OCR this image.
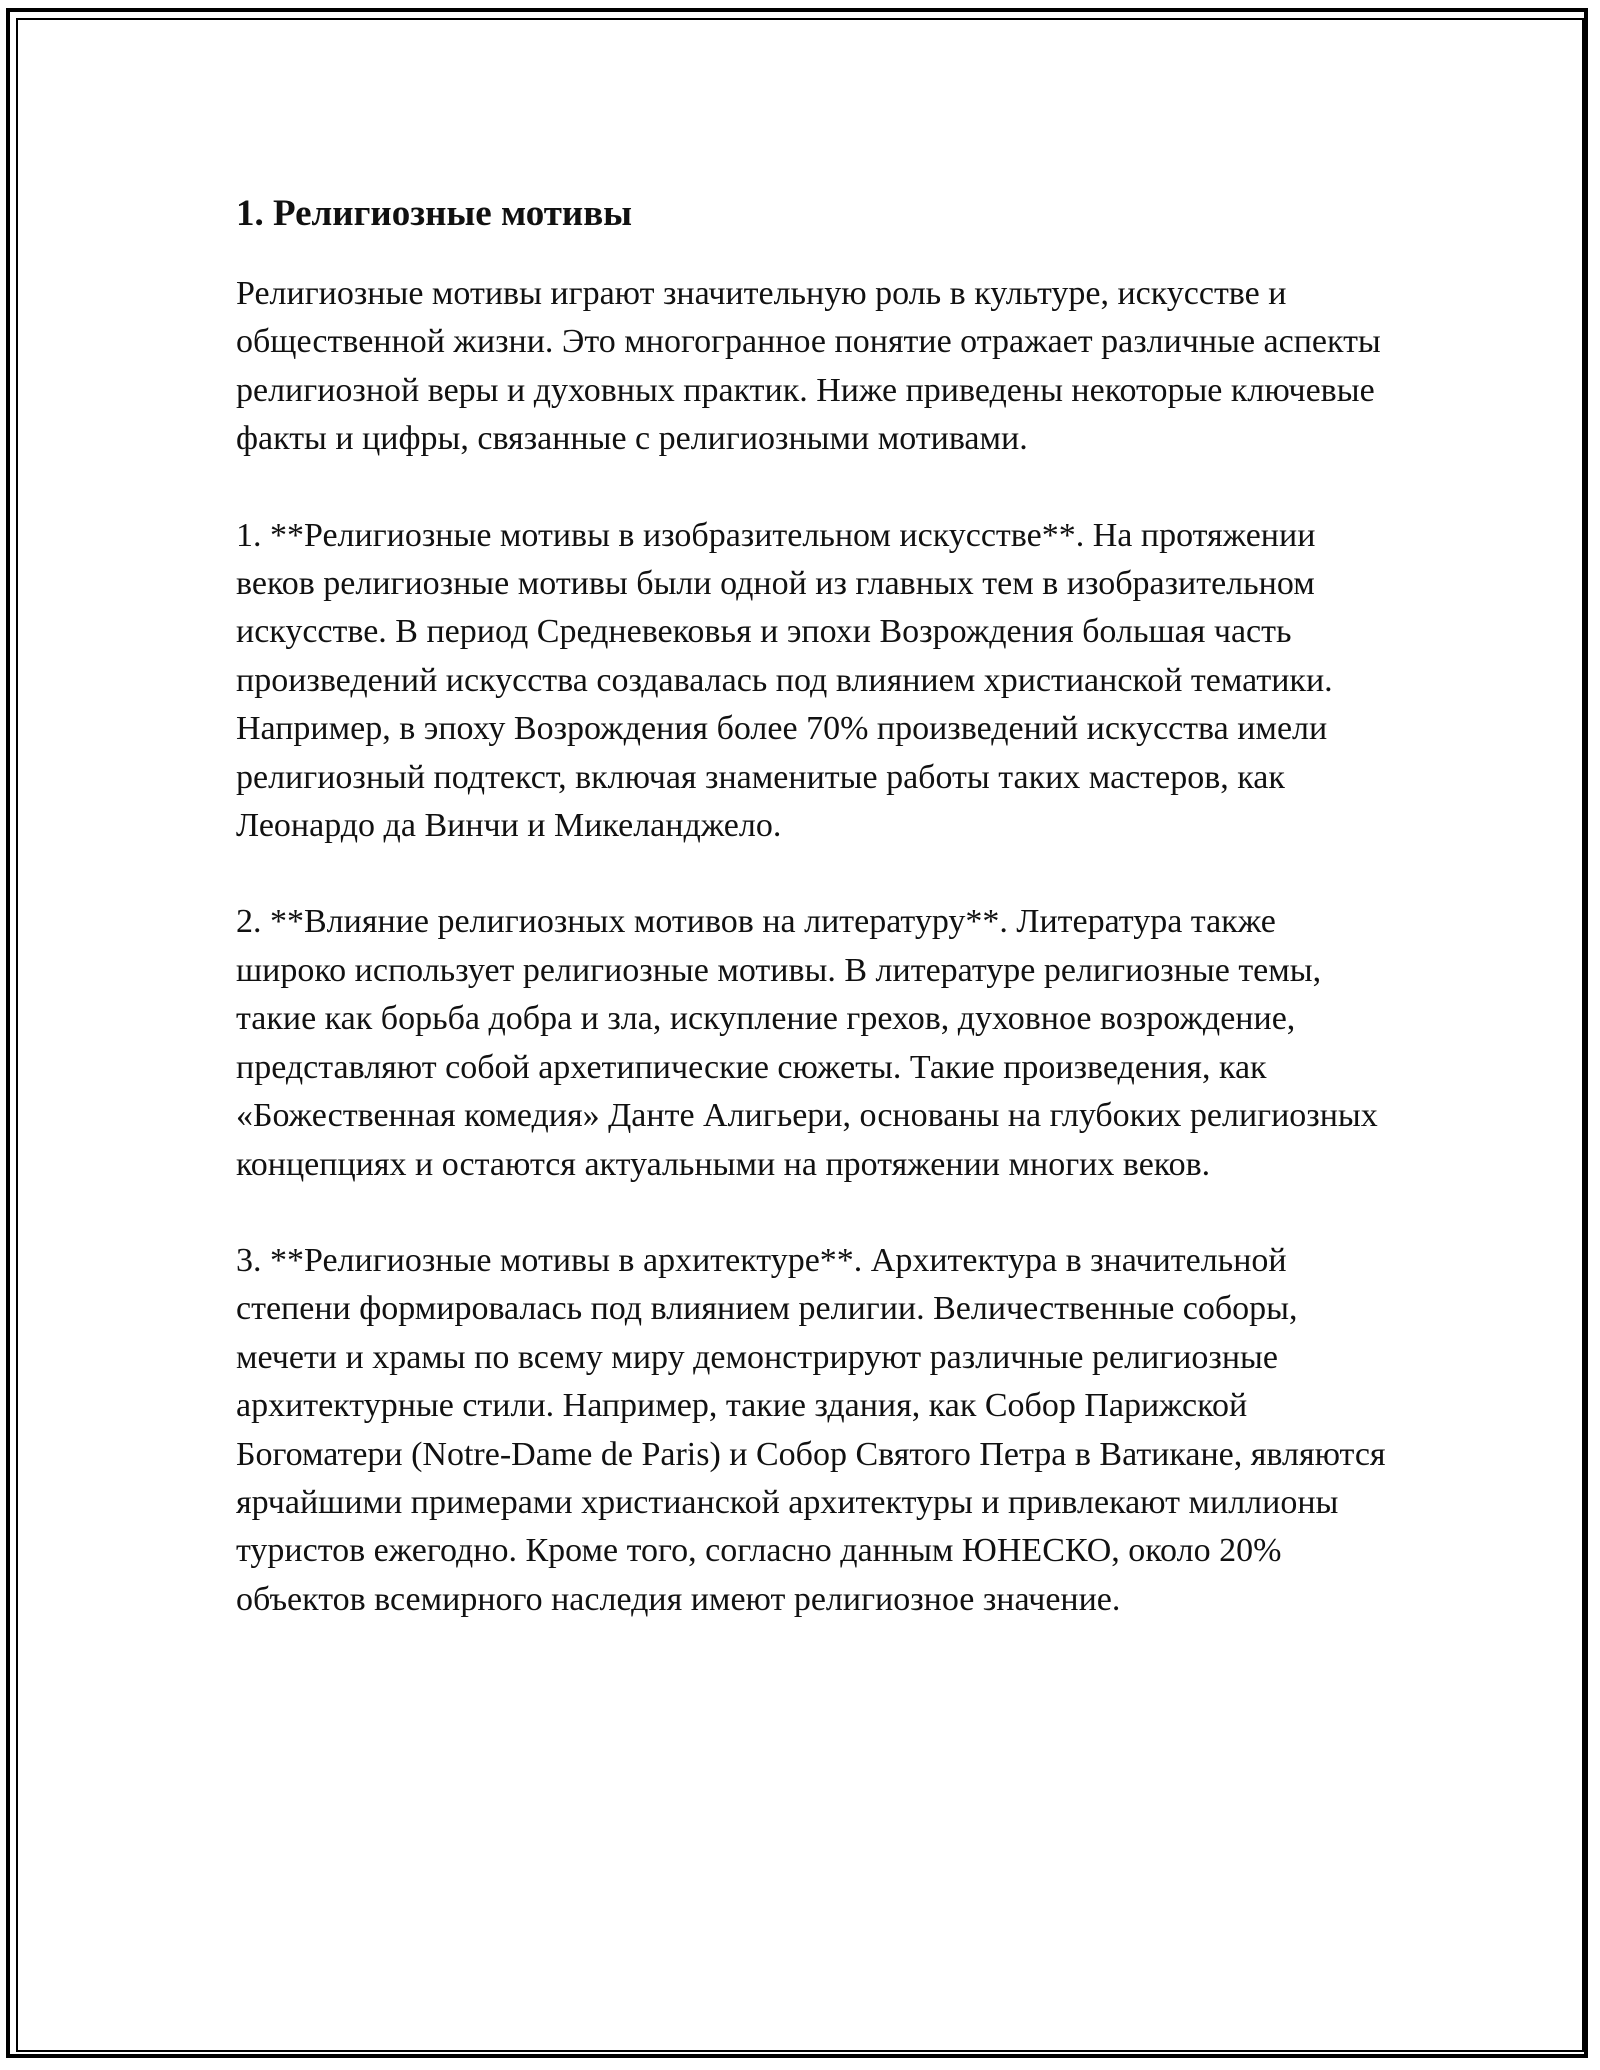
1. Религиозные мотивы

Религиозные мотивы играют значительную роль в культуре, искусстве и общественной жизни. Это многогранное понятие отражает различные аспекты религиозной веры и духовных практик. Ниже приведены некоторые ключевые факты и цифры, связанные с религиозными мотивами.

1. **Религиозные мотивы в изобразительном искусстве**. На протяжении веков религиозные мотивы были одной из главных тем в изобразительном искусстве. В период Средневековья и эпохи Возрождения большая часть произведений искусства создавалась под влиянием христианской тематики. Например, в эпоху Возрождения более 70% произведений искусства имели религиозный подтекст, включая знаменитые работы таких мастеров, как Леонардо да Винчи и Микеланджело.

2. **Влияние религиозных мотивов на литературу**. Литература также широко использует религиозные мотивы. В литературе религиозные темы, такие как борьба добра и зла, искупление грехов, духовное возрождение, представляют собой архетипические сюжеты. Такие произведения, как «Божественная комедия» Данте Алигьери, основаны на глубоких религиозных концепциях и остаются актуальными на протяжении многих веков.

3. **Религиозные мотивы в архитектуре**. Архитектура в значительной степени формировалась под влиянием религии. Величественные соборы, мечети и храмы по всему миру демонстрируют различные религиозные архитектурные стили. Например, такие здания, как Собор Парижской Богоматери (Notre-Dame de Paris) и Собор Святого Петра в Ватикане, являются ярчайшими примерами христианской архитектуры и привлекают миллионы туристов ежегодно. Кроме того, согласно данным ЮНЕСКО, около 20% объектов всемирного наследия имеют религиозное значение.
